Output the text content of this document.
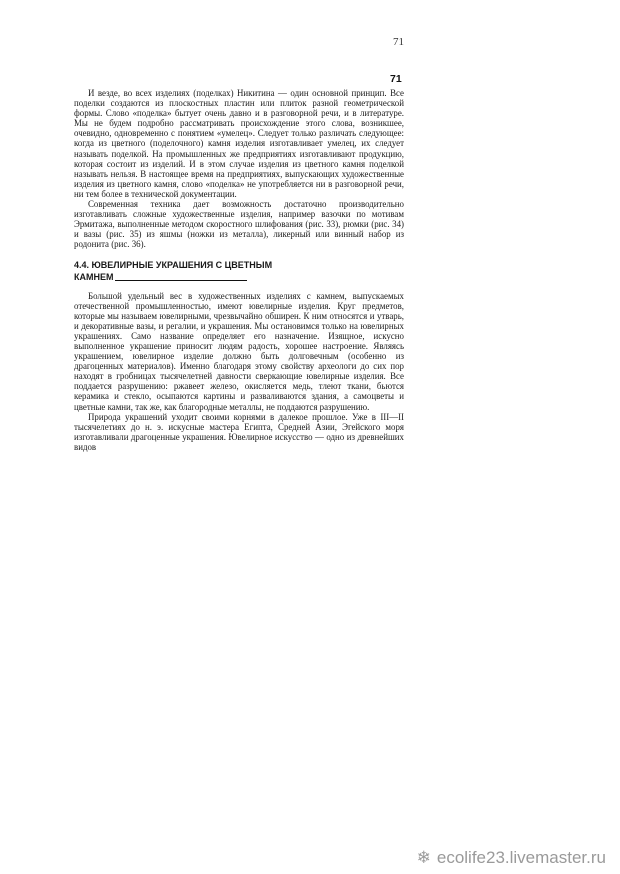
71
71

И везде, во всех изделиях (поделках) Никитина — один основной принцип. Все поделки создаются из плоскостных пластин или плиток разной геометрической формы. Слово «поделка» бытует очень давно и в разговорной речи, и в литературе. Мы не будем подробно рассматривать происхождение этого слова, возникшее, очевидно, одновременно с понятием «умелец». Следует только различать следующее: когда из цветного (поделочного) камня изделия изготавливает умелец, их следует называть поделкой. На промышленных же предприятиях изготавливают продукцию, которая состоит из изделий. И в этом случае изделия из цветного камня поделкой называть нельзя. В настоящее время на предприятиях, выпускающих художественные изделия из цветного камня, слово «поделка» не употребляется ни в разговорной речи, ни тем более в технической документации.

Современная техника дает возможность достаточно производительно изготавливать сложные художественные изделия, например вазочки по мотивам Эрмитажа, выполненные методом скоростного шлифования (рис. 33), рюмки (рис. 34) и вазы (рис. 35) из яшмы (ножки из металла), ликерный или винный набор из родонита (рис. 36).

4.4. ЮВЕЛИРНЫЕ УКРАШЕНИЯ С ЦВЕТНЫМ
КАМНЕМ

Большой удельный вес в художественных изделиях с камнем, выпускаемых отечественной промышленностью, имеют ювелирные изделия. Круг предметов, которые мы называем ювелирными, чрезвычайно обширен. К ним относятся и утварь, и декоративные вазы, и регалии, и украшения. Мы остановимся только на ювелирных украшениях. Само название определяет его назначение. Изящное, искусно выполненное украшение приносит людям радость, хорошее настроение. Являясь украшением, ювелирное изделие должно быть долговечным (особенно из драгоценных материалов). Именно благодаря этому свойству археологи до сих пор находят в гробницах тысячелетней давности сверкающие ювелирные изделия. Все поддается разрушению: ржавеет железо, окисляется медь, тлеют ткани, бьются керамика и стекло, осыпаются картины и разваливаются здания, а самоцветы и цветные камни, так же, как благородные металлы, не поддаются разрушению.

Природа украшений уходит своими корнями в далекое прошлое. Уже в III—II тысячелетиях до н. э. искусные мастера Египта, Средней Азии, Эгейского моря изготавливали драгоценные украшения. Ювелирное искусство — одно из древнейших видов

❄ ecolife23.livemaster.ru
